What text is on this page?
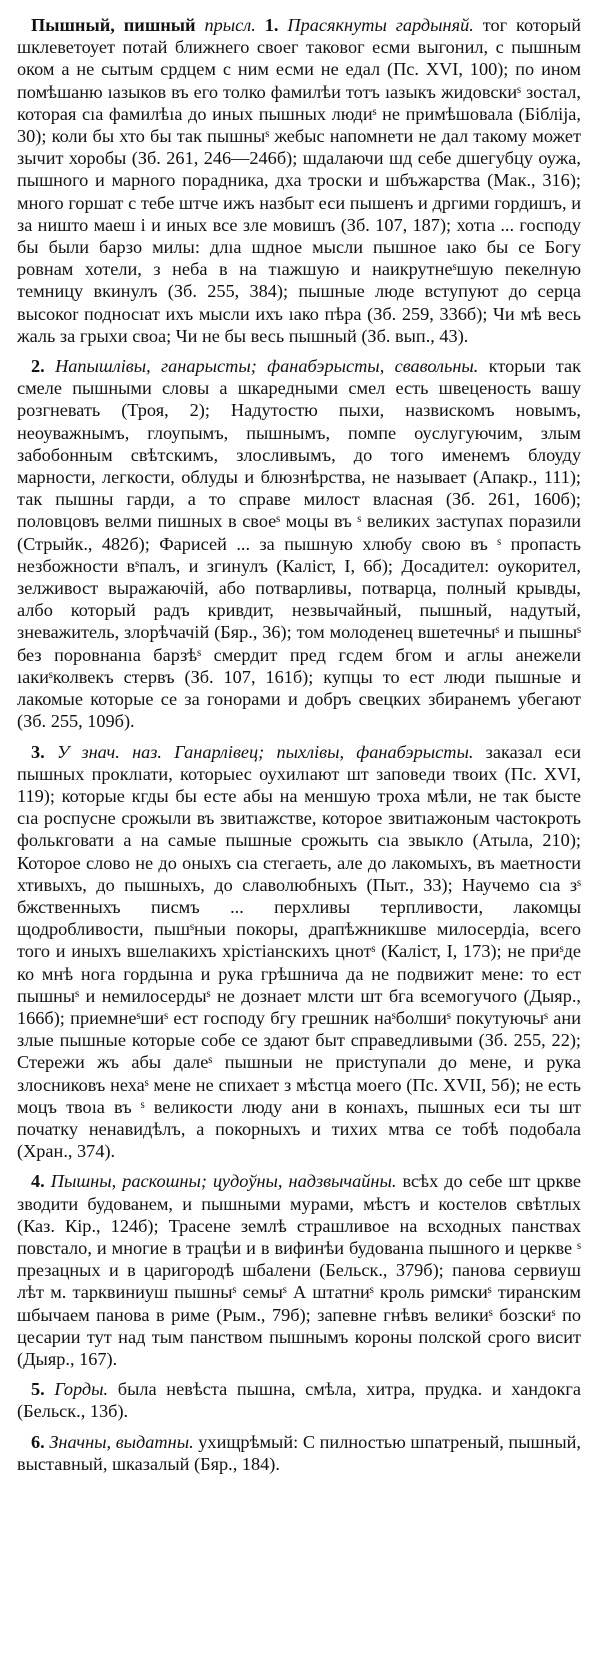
Пышный, пишный прысл. 1. Прасякнуты гардыняй. тог который шклеветоует потай ближнего своег таковог есми выгонил, с пышным оком а не сытым срдцем с ним есми не едал (Пс. XVI, 100); по ином помѣшаню ıазыков въ его толко фамилѣи тотъ ıазыкъ жидовскиˢ зостал, которая сıа фамилѣıа до иных пышных людиˢ не примѣшовала (Бібліја, 30); коли бы хто бы так пышныˢ жебыс напомнети не дал такому может зычит хоробы (Зб. 261, 246—246б); шдалаючи шд себе дшегубцу оужа, пышного и марного порадника, дха троски и шбъжарства (Мак., 316); много горшат с тебе штче ижъ назбыт еси пышенъ и дргими гордишъ, и за ништо маеш і и иных все зле мовишъ (Зб. 107, 187); хотıа ... господу бы были барзо милы: длıа шдное мысли пышное ıако бы се Богу ровнам хотели, з неба в на тıажшую и наикрутнеˢшую пекелную темницу вкинулъ (Зб. 255, 384); пышные люде вступуют до серца высокоr подносıат ихъ мысли ихъ ıако пѣра (Зб. 259, 336б); Чи мѣ весь жаль за грыхи своа; Чи не бы весь пышный (Зб. вып., 43).

2. Напышлівы, ганарысты; фанабэрысты, свавольны. кторыи так смеле пышными словы а шкаредными смел есть швеценость вашу розгневать (Троя, 2); Надутостю пыхи, назвискомъ новымъ, неоуважнымъ, глоупымъ, пышнымъ, помпе оуслугуючим, злым забобонным свѣтскимъ, злосливымъ, до того именемъ блоуду марности, легкости, облуды и блюзнѣрства, не называет (Апакр., 111); так пышны гарди, а то справе милост власная (Зб. 261, 160б); половцовъ велми пишных в своеˢ моцы въ ˢ великих заступах поразили (Стрыйк., 482б); Фарисей ... за пышную хлюбу свою въ ˢ пропасть незбожности вˢпалъ, и згинулъ (Каліст, I, 6б); Досадител: оукорител, зелживост выражаючій, або потварливы, потварца, полный крывды, албо который радъ кривдит, незвычайный, пышный, надутый, зневажитель, злорѣчачій (Бяр., 36); том молоденец вшетечныˢ и пышныˢ без поровнанıа барзѣˢ смердит пред гсдем бгом и аглы анежели ıакиˢколвекъ стервъ (Зб. 107, 161б); купцы то ест люди пышные и лакомые которые се за гонорами и добръ свецких збиранемъ убегают (Зб. 255, 109б).

3. У знач. наз. Ганарлівец; пыхлівы, фанабэрысты. заказал еси пышных проклıати, которыес оухилıают шт заповеди твоих (Пс. XVI, 119); которые кгды бы есте абы на меншую троха мѣли, не так бысте сıа роспусне срожыли въ звитıажстве, которое звитıажоным частокроть фолькговати а на самые пышные срожыть сıа звыкло (Атыла, 210); Которое слово не до оныхъ сıа стегаеть, але до лакомыхъ, въ маетности хтивыхъ, до пышныхъ, до славолюбныхъ (Пыт., 33); Научемо сıа зˢ бжственныхъ писмъ ... перхливы терпливости, лакомцы щодробливости, пышˢныи покоры, драпѣжникшве милосердіа, всего того и иныхъ вшелıакихъ хрістіанскихъ цнотˢ (Каліст, I, 173); не приˢде ко мнѣ нога гордынıа и рука грѣшнича да не подвижит мене: то ест пышныˢ и немилосердыˢ не дознает млсти шт бга всемогучого (Дыяр., 166б); приемнеˢшиˢ ест господу бгу грешник наˢболшиˢ покутуючыˢ ани злые пышные которые собе се здают быт справедливыми (Зб. 255, 22); Стережи жъ абы далеˢ пышныи не приступали до мене, и рука злосниковъ нехаˢ мене не спихает з мѣстца моего (Пс. XVII, 5б); не есть моцъ твоıа въ ˢ великости люду ани в конıахъ, пышных еси ты шт початку ненавидѣлъ, а покорныхъ и тихих мтва се тобѣ подобала (Хран., 374).

4. Пышны, раскошны; цудоўны, надзвычайны. всѣх до себе шт цркве зводити будованем, и пышными мурами, мѣстъ и костелов свѣтлых (Каз. Кір., 124б); Трасене землѣ страшливое на всходных панствах повстало, и многие в трацѣи и в вифинѣи будованıа пышного и церкве ˢ презацных и в царигородѣ шбалени (Бельск., 379б); панова сервиуш лѣт м. тарквиниуш пышныˢ семыˢ А штатниˢ кроль римскиˢ тиранским шбычаем панова в риме (Рым., 79б); запевне гнѣвъ великиˢ бозскиˢ по цесарии тут над тым панством пышнымъ короны полской срого висит (Дыяр., 167).

5. Горды. была невѣста пышна, смѣла, хитра, прудка. и хандокга (Бельск., 13б).

6. Значны, выдатны. ухищрѣмый: С пилностью шпатреный, пышный, выставный, шказалый (Бяр., 184).
